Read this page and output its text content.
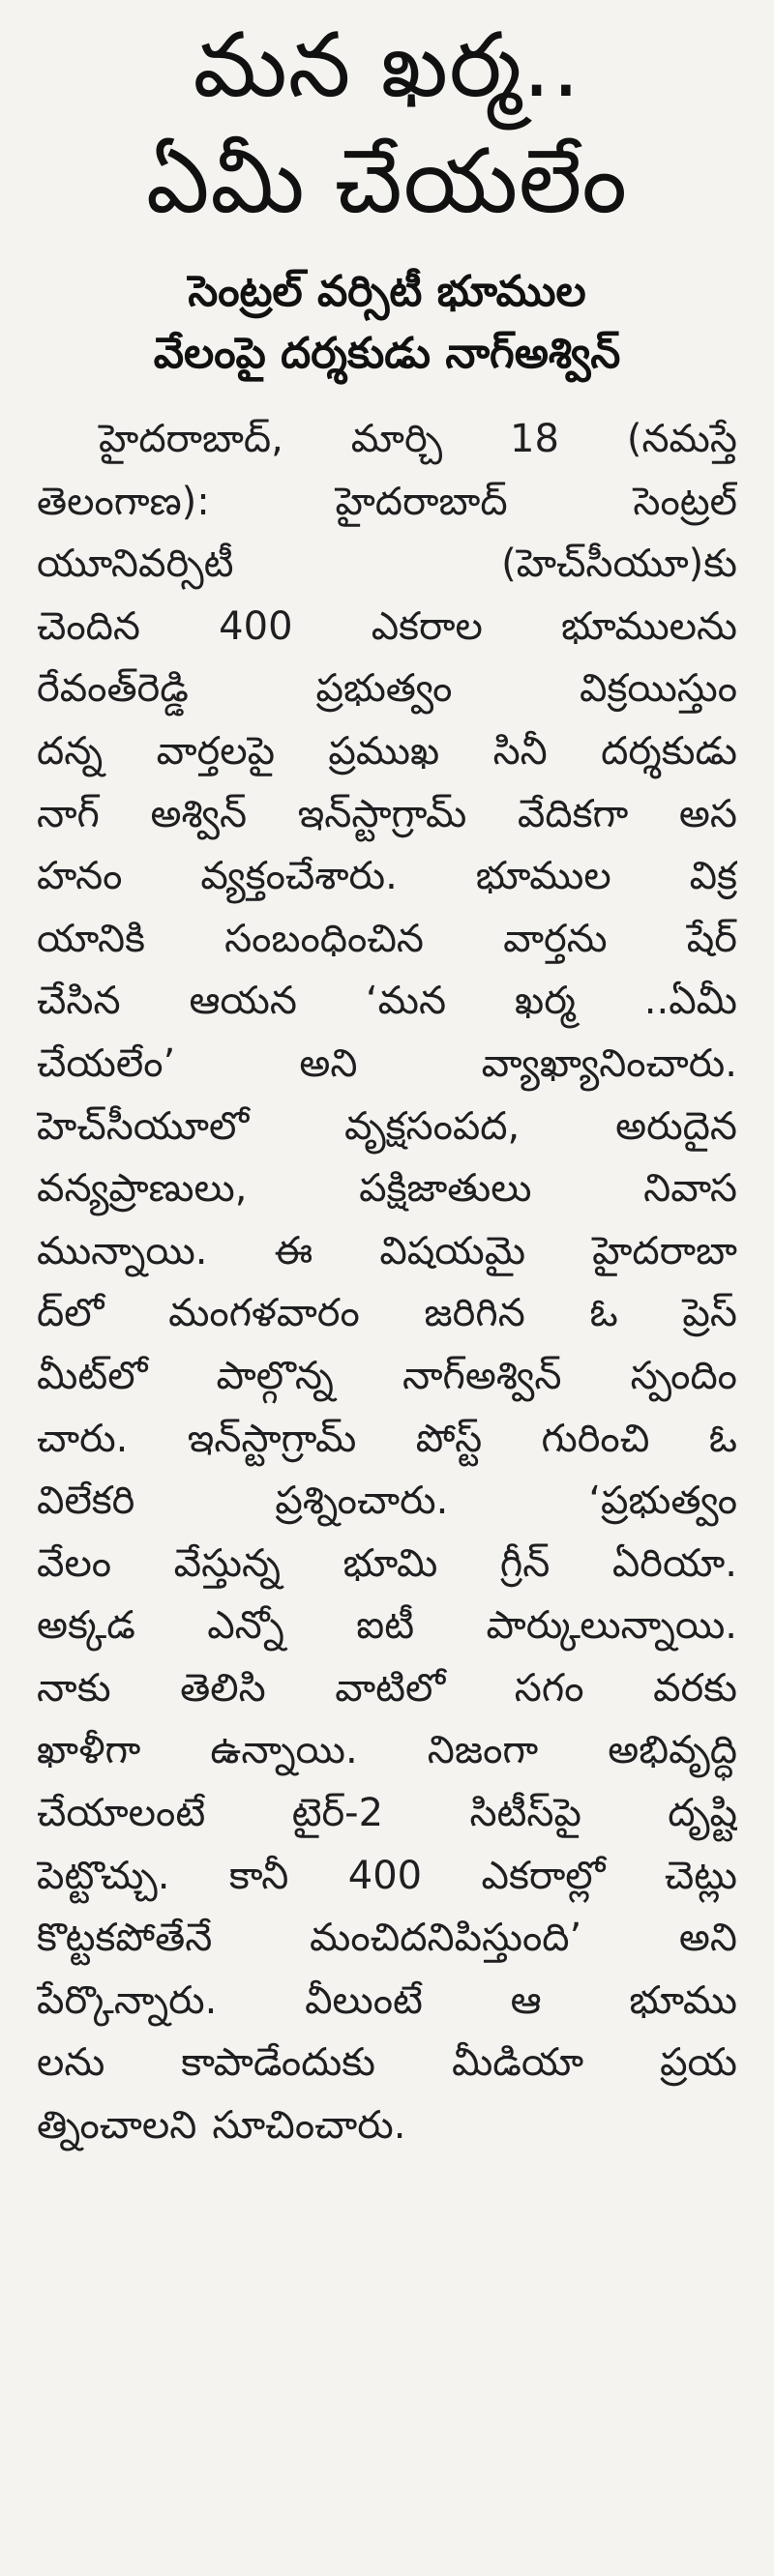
మన ఖర్మ..
ఏమీ చేయలేం
సెంట్రల్ వర్సిటీ భూముల
వేలంపై దర్శకుడు నాగ్అశ్విన్
హైదరాబాద్, మార్చి 18 (నమస్తే
తెలంగాణ):	హైదరాబాద్	సెంట్రల్
యూనివర్సిటీ	(హెచ్‌సీయూ)కు
చెందిన 400 ఎకరాల భూములను
రేవంత్‌రెడ్డి	ప్రభుత్వం	విక్రయిస్తుం
దన్న వార్తలపై ప్రముఖ సినీ దర్శకుడు
నాగ్ అశ్విన్ ఇన్‌స్టాగ్రామ్ వేదికగా అస
హనం వ్యక్తంచేశారు. భూముల విక్ర
యానికి సంబంధించిన వార్తను షేర్
చేసిన ఆయన ‘మన ఖర్మ ..ఏమీ
చేయలేం’	అని	వ్యాఖ్యానించారు.
హెచ్‌సీయూలో వృక్షసంపద, అరుదైన
వన్యప్రాణులు,	పక్షిజాతులు	నివాస
మున్నాయి. ఈ విషయమై హైదరాబా
ద్‌లో మంగళవారం జరిగిన ఓ ప్రెస్
మీట్‌లో పాల్గొన్న నాగ్‌అశ్విన్ స్పందిం
చారు. ఇన్‌స్టాగ్రామ్ పోస్ట్ గురించి ఓ
విలేకరి	ప్రశ్నించారు.	‘ప్రభుత్వం
వేలం వేస్తున్న భూమి గ్రీన్ ఏరియా.
అక్కడ ఎన్నో ఐటీ పార్కులున్నాయి.
నాకు తెలిసి వాటిలో సగం వరకు
ఖాళీగా ఉన్నాయి. నిజంగా అభివృద్ధి
చేయాలంటే టైర్-2 సిటీస్‌పై దృష్టి
పెట్టొచ్చు. కానీ 400 ఎకరాల్లో చెట్లు
కొట్టకపోతేనే	మంచిదనిపిస్తుంది’	అని
పేర్కొన్నారు. వీలుంటే ఆ భూము
లను కాపాడేందుకు మీడియా ప్రయ
త్నించాలని సూచించారు.
